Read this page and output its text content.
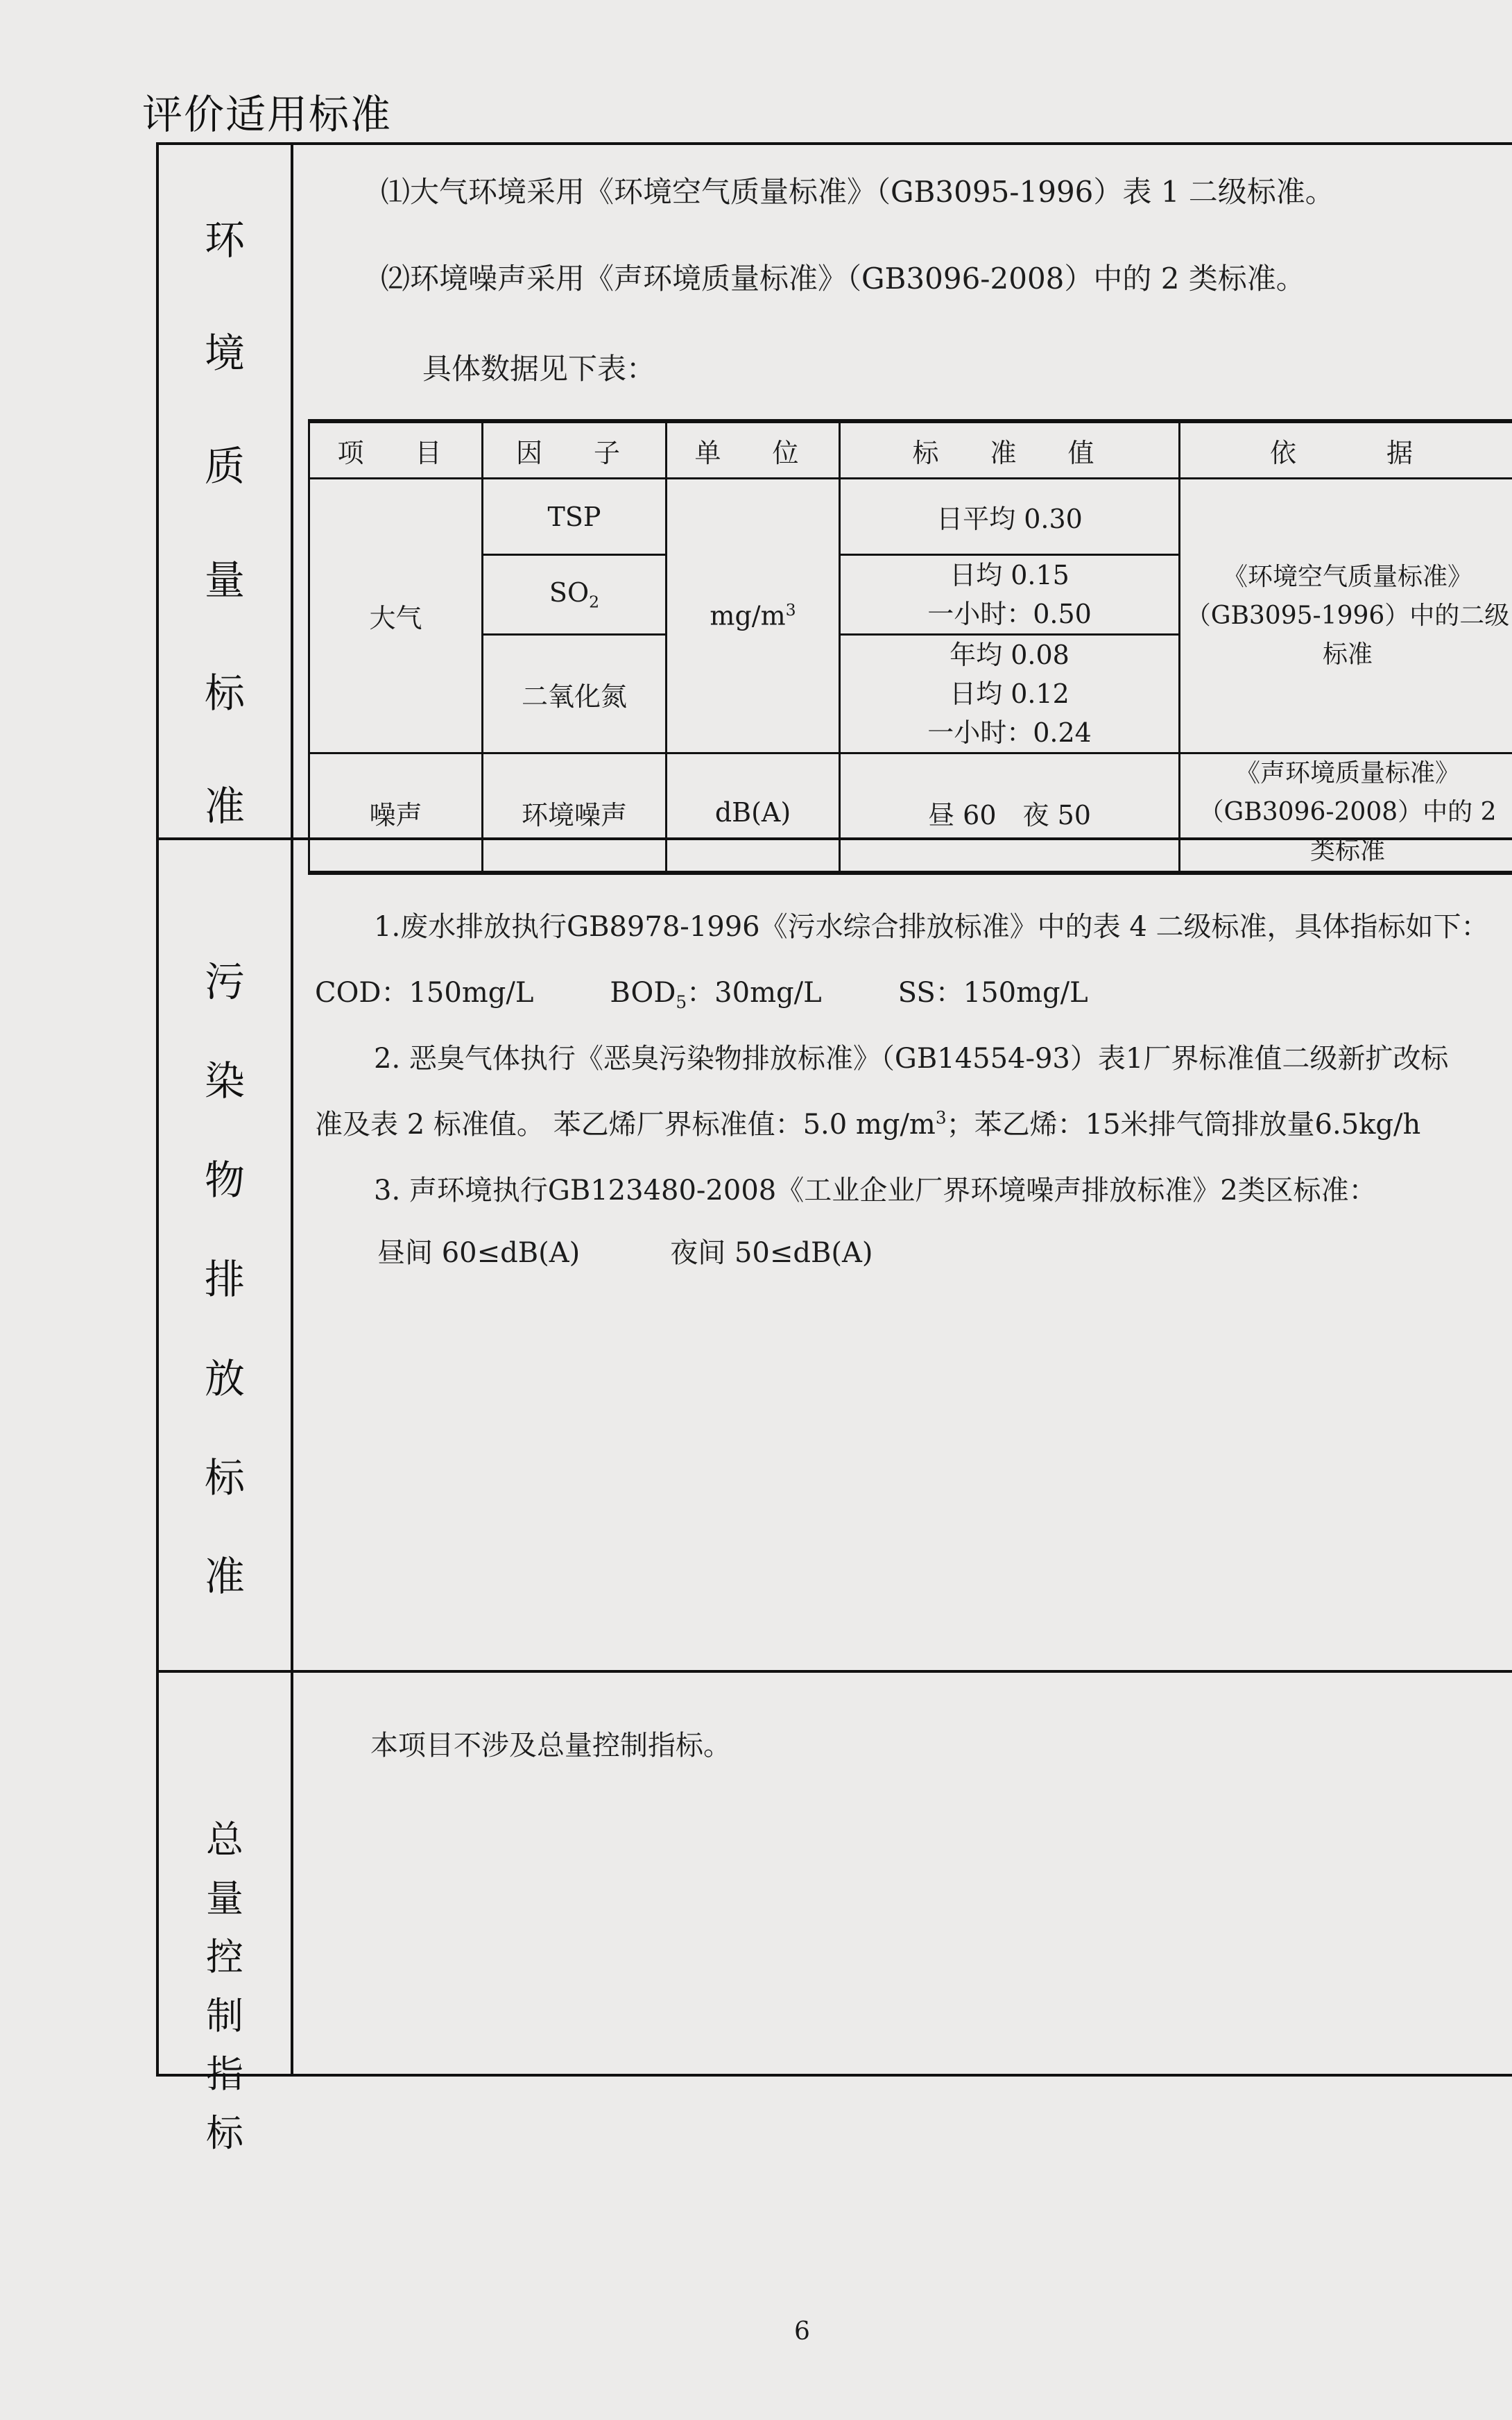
评价适用标准
环
境
质
量
标
准
⑴大气环境采用《环境空气质量标准》（GB3095-1996）表 1 二级标准。
⑵环境噪声采用《声环境质量标准》（GB3096-2008）中的 2 类标准。
具体数据见下表：
项　目	因　子	单　位	标　准　值	依　　据
大气	TSP	$mg/m^3$	日平均 0.30	《环境空气质量标准》
（GB3095-1996）中的二级标准

	$SO_2$		日均 0.15
一小时：0.50	

	二氧化氮		年均 0.08
日均 0.12
一小时：0.24	

噪声	环境噪声	dB(A)	昼 60　夜 50	《声环境质量标准》
（GB3096-2008）中的 2 类标准
污
染
物
排
放
标
准
1.废水排放执行GB8978-1996《污水综合排放标准》中的表 4 二级标准，具体指标如下：
COD：150mg/L	$BOD_5$：30mg/L	SS：150mg/L
2. 恶臭气体执行《恶臭污染物排放标准》（GB14554-93）表1厂界标准值二级新扩改标
准及表 2 标准值。 苯乙烯厂界标准值：5.0 $mg/m^3$；苯乙烯：15米排气筒排放量6.5kg/h
3. 声环境执行GB123480-2008《工业企业厂界环境噪声排放标准》2类区标准：
昼间 60≤dB(A)	夜间 50≤dB(A)
总
量
控
制
指
标
本项目不涉及总量控制指标。
6
